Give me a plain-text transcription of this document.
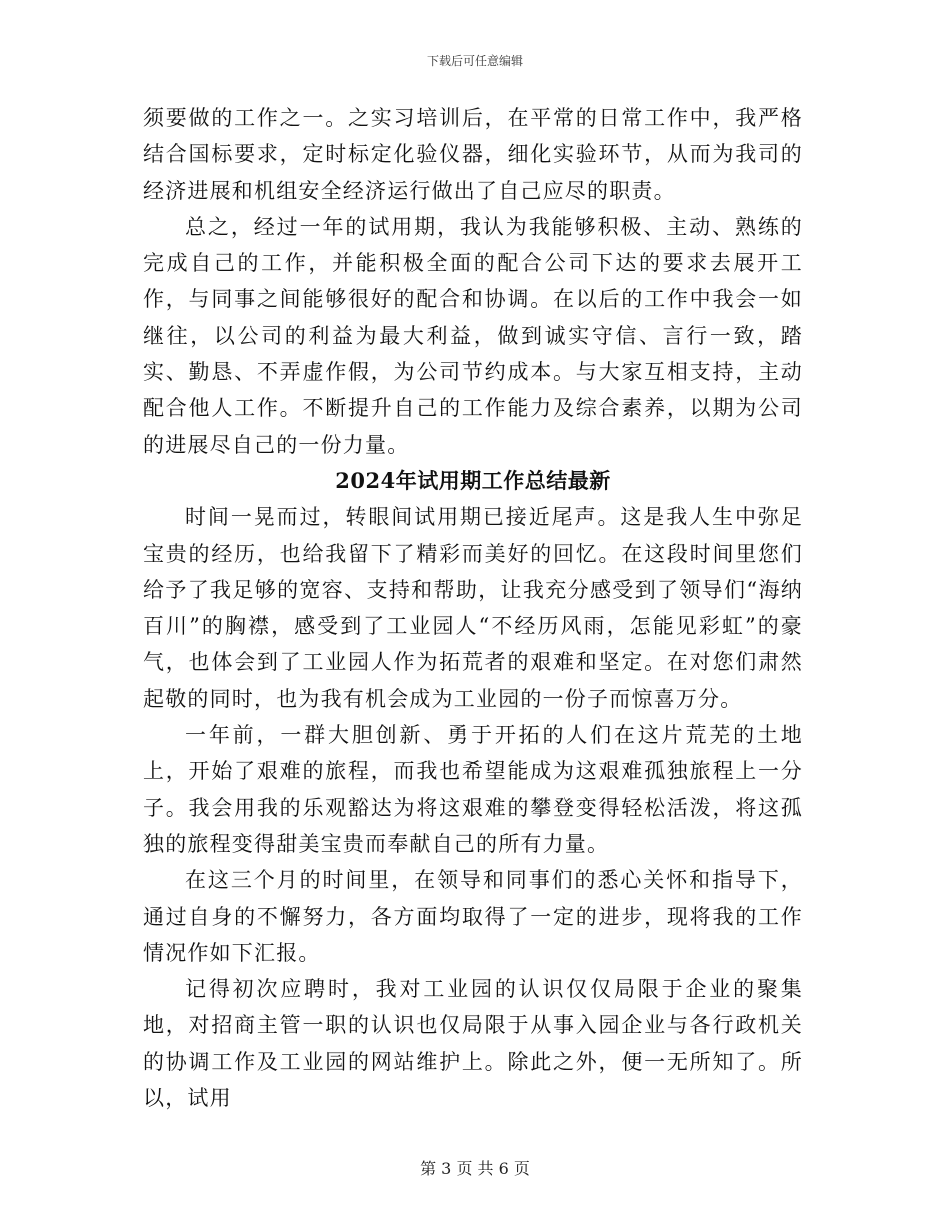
下载后可任意编辑

须要做的工作之一。之实习培训后，在平常的日常工作中，我严格结合国标要求，定时标定化验仪器，细化实验环节，从而为我司的经济进展和机组安全经济运行做出了自己应尽的职责。

总之，经过一年的试用期，我认为我能够积极、主动、熟练的完成自己的工作，并能积极全面的配合公司下达的要求去展开工作，与同事之间能够很好的配合和协调。在以后的工作中我会一如继往，以公司的利益为最大利益，做到诚实守信、言行一致，踏实、勤恳、不弄虚作假，为公司节约成本。与大家互相支持，主动配合他人工作。不断提升自己的工作能力及综合素养，以期为公司的进展尽自己的一份力量。

2024年试用期工作总结最新

时间一晃而过，转眼间试用期已接近尾声。这是我人生中弥足宝贵的经历，也给我留下了精彩而美好的回忆。在这段时间里您们给予了我足够的宽容、支持和帮助，让我充分感受到了领导们“海纳百川”的胸襟，感受到了工业园人“不经历风雨，怎能见彩虹”的豪气，也体会到了工业园人作为拓荒者的艰难和坚定。在对您们肃然起敬的同时，也为我有机会成为工业园的一份子而惊喜万分。

一年前，一群大胆创新、勇于开拓的人们在这片荒芜的土地上，开始了艰难的旅程，而我也希望能成为这艰难孤独旅程上一分子。我会用我的乐观豁达为将这艰难的攀登变得轻松活泼，将这孤独的旅程变得甜美宝贵而奉献自己的所有力量。

在这三个月的时间里，在领导和同事们的悉心关怀和指导下，通过自身的不懈努力，各方面均取得了一定的进步，现将我的工作情况作如下汇报。

记得初次应聘时，我对工业园的认识仅仅局限于企业的聚集地，对招商主管一职的认识也仅局限于从事入园企业与各行政机关的协调工作及工业园的网站维护上。除此之外，便一无所知了。所以，试用

第 3 页 共 6 页
